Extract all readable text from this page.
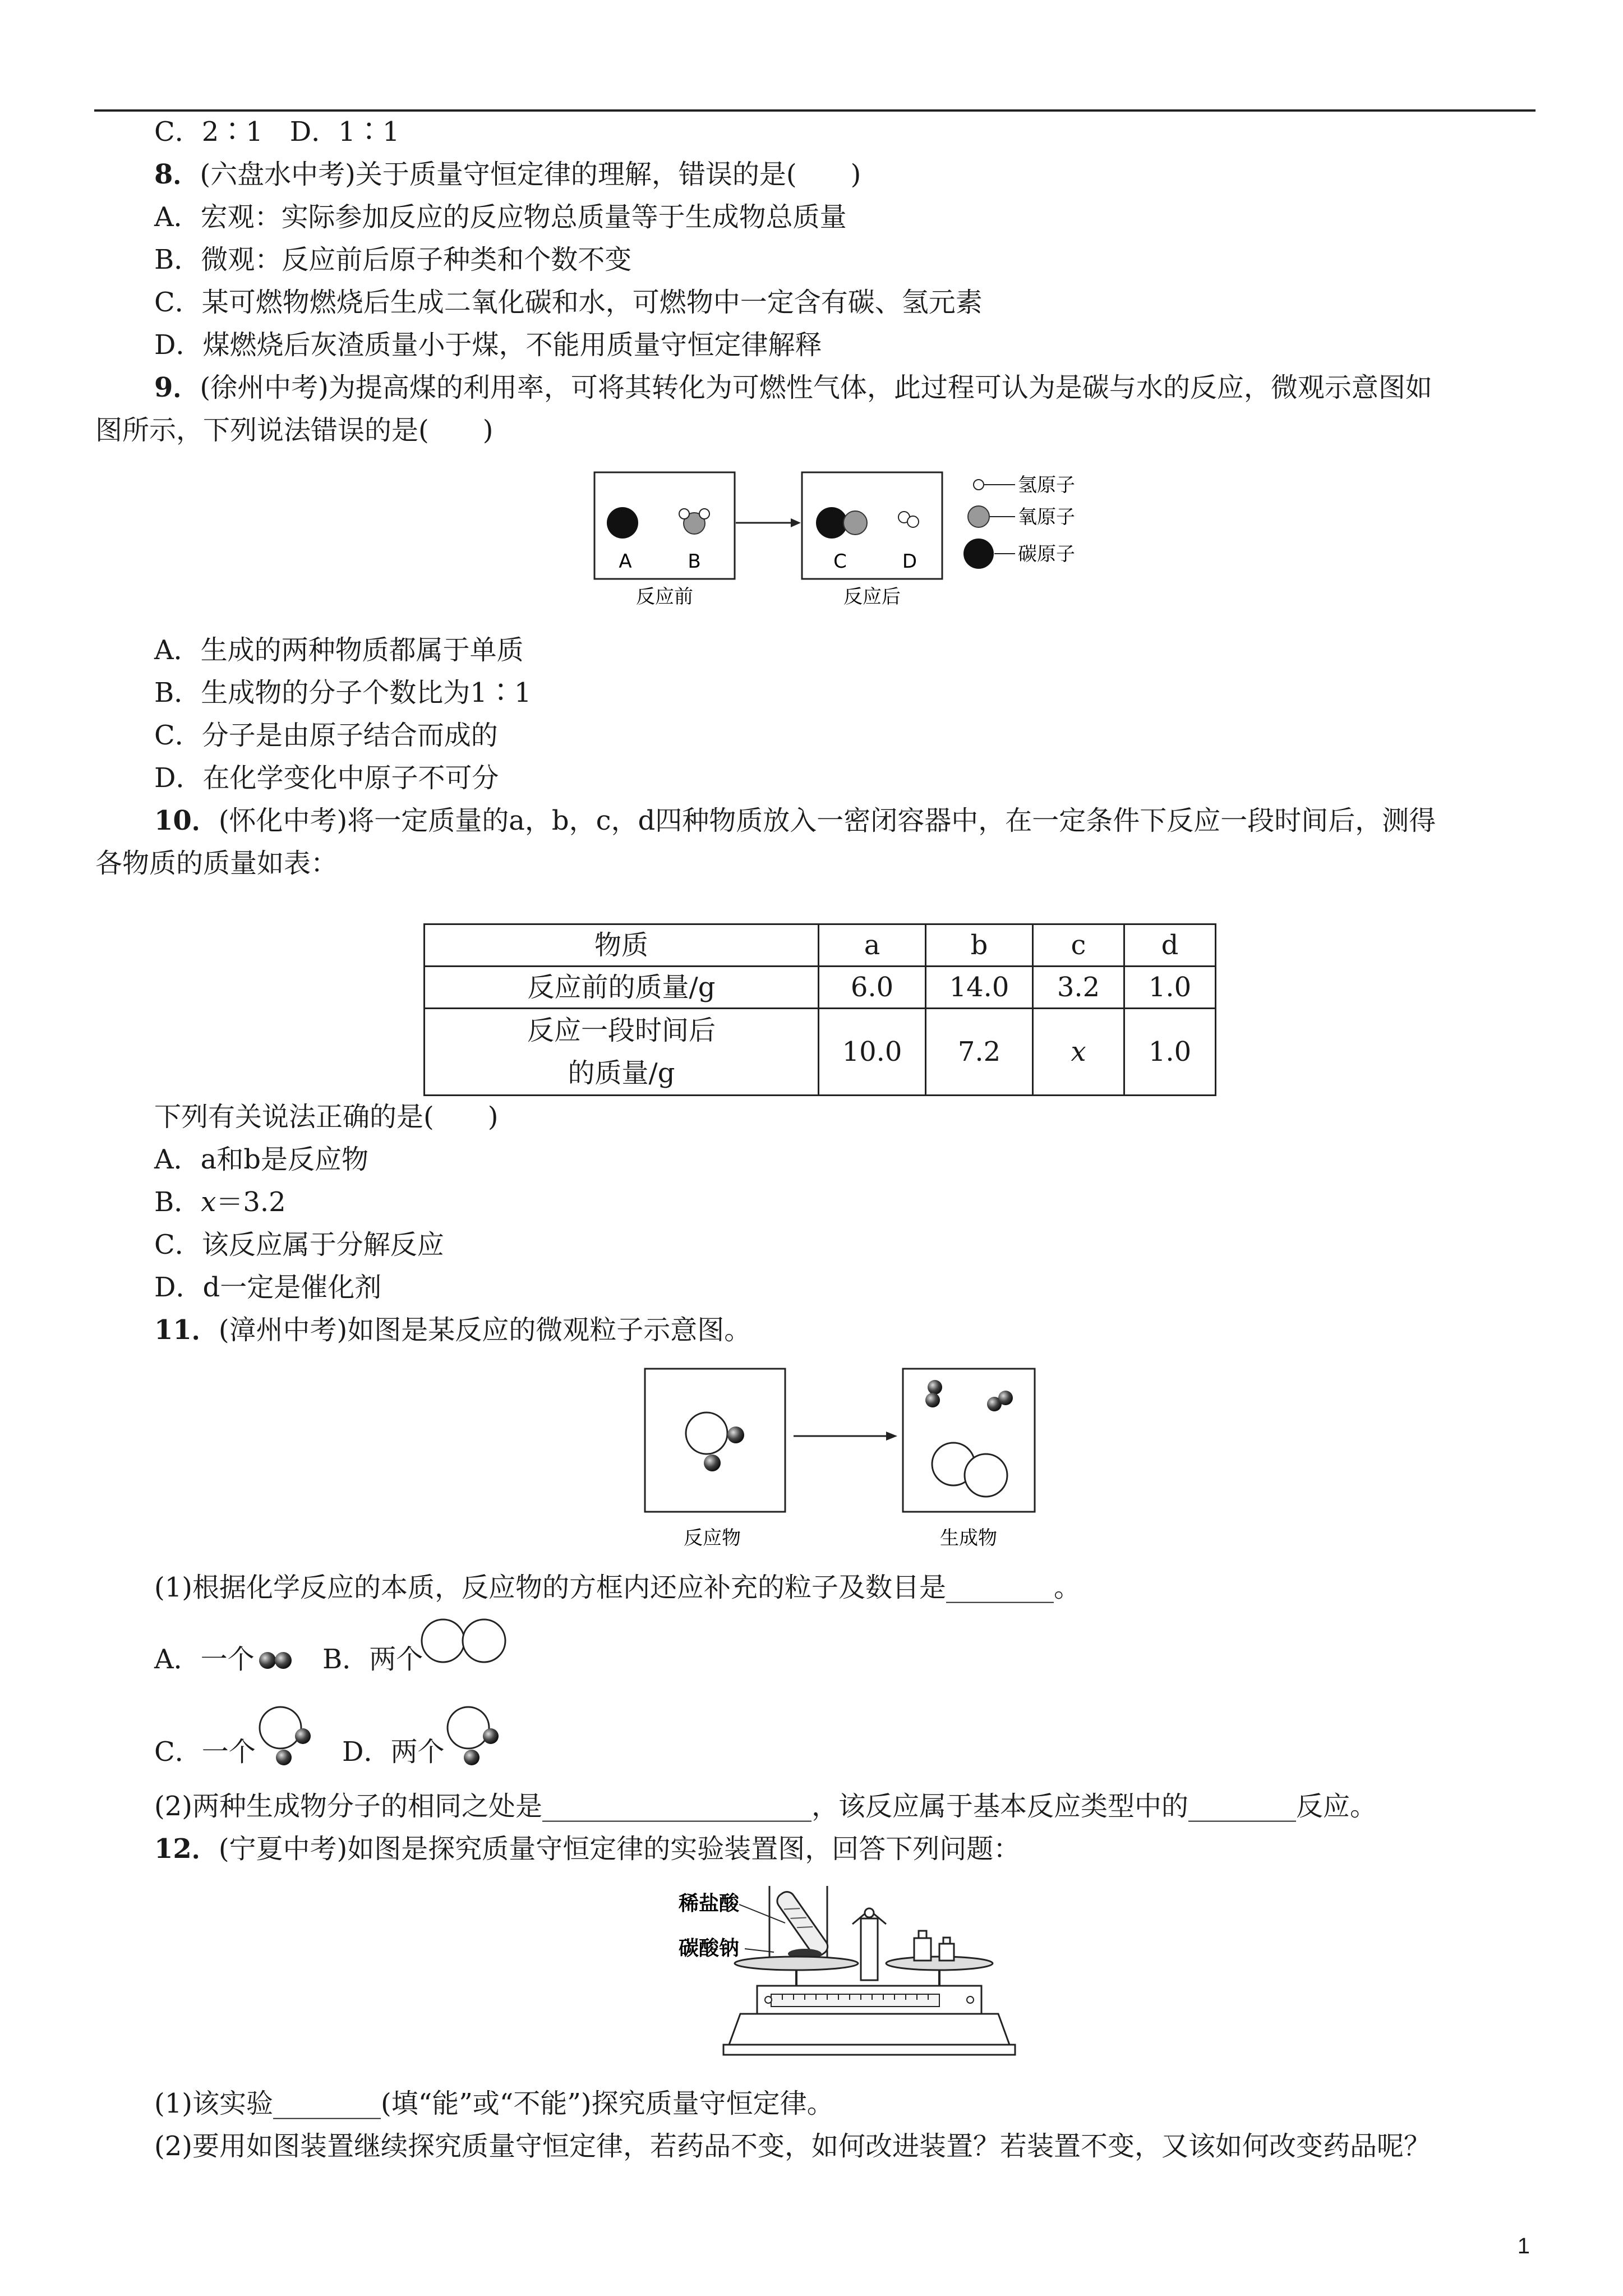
C．2∶1　D．1∶1
8．(六盘水中考)关于质量守恒定律的理解，错误的是(　　)
A．宏观：实际参加反应的反应物总质量等于生成物总质量
B．微观：反应前后原子种类和个数不变
C．某可燃物燃烧后生成二氧化碳和水，可燃物中一定含有碳、氢元素
D．煤燃烧后灰渣质量小于煤，不能用质量守恒定律解释
9．(徐州中考)为提高煤的利用率，可将其转化为可燃性气体，此过程可认为是碳与水的反应，微观示意图如
图所示，下列说法错误的是(　　)
A	B	C	D
反应前	反应后
氢原子
氧原子
碳原子
A．生成的两种物质都属于单质
B．生成物的分子个数比为1∶1
C．分子是由原子结合而成的
D．在化学变化中原子不可分
10．(怀化中考)将一定质量的a，b，c，d四种物质放入一密闭容器中，在一定条件下反应一段时间后，测得
各物质的质量如表：
物质	a	b	c	d
反应前的质量/g	6.0	14.0	3.2	1.0
反应一段时间后
的质量/g	10.0	7.2	x	1.0
下列有关说法正确的是(　　)
A．a和b是反应物
B．x＝3.2
C．该反应属于分解反应
D．d一定是催化剂
11．(漳州中考)如图是某反应的微观粒子示意图。
反应物	生成物
(1)根据化学反应的本质，反应物的方框内还应补充的粒子及数目是________。
A．一个	B．两个
C．一个	D．两个
(2)两种生成物分子的相同之处是____________________，该反应属于基本反应类型中的________反应。
12．(宁夏中考)如图是探究质量守恒定律的实验装置图，回答下列问题：
稀盐酸
碳酸钠
(1)该实验________(填“能”或“不能”)探究质量守恒定律。
(2)要用如图装置继续探究质量守恒定律，若药品不变，如何改进装置？若装置不变，又该如何改变药品呢？
1
